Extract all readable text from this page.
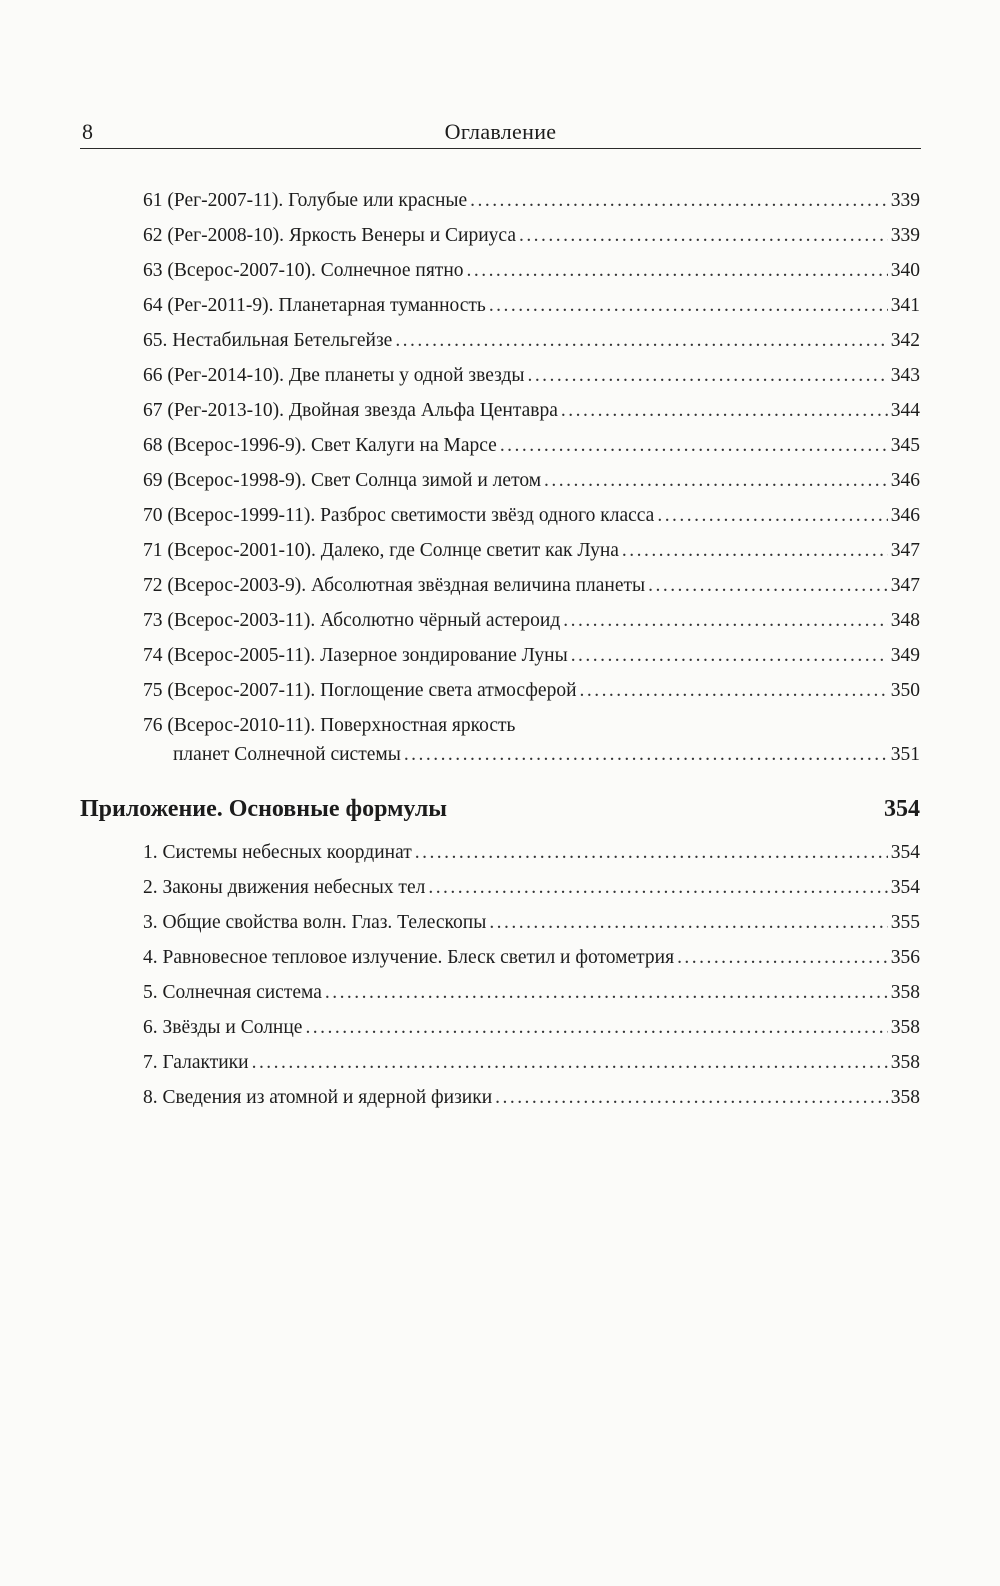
8	Оглавление
61 (Рег-2007-11). Голубые или красные . . .	339
62 (Рег-2008-10). Яркость Венеры и Сириуса . . .	339
63 (Всерос-2007-10). Солнечное пятно . . .	340
64 (Рег-2011-9). Планетарная туманность . . .	341
65. Нестабильная Бетельгейзе . . .	342
66 (Рег-2014-10). Две планеты у одной звезды . . .	343
67 (Рег-2013-10). Двойная звезда Альфа Центавра . . .	344
68 (Всерос-1996-9). Свет Калуги на Марсе . . .	345
69 (Всерос-1998-9). Свет Солнца зимой и летом . . .	346
70 (Всерос-1999-11). Разброс светимости звёзд одного класса . . .	346
71 (Всерос-2001-10). Далеко, где Солнце светит как Луна . . .	347
72 (Всерос-2003-9). Абсолютная звёздная величина планеты . . .	347
73 (Всерос-2003-11). Абсолютно чёрный астероид . . .	348
74 (Всерос-2005-11). Лазерное зондирование Луны . . .	349
75 (Всерос-2007-11). Поглощение света атмосферой . . .	350
76 (Всерос-2010-11). Поверхностная яркость
планет Солнечной системы . . .	351
Приложение. Основные формулы	354
1. Системы небесных координат . . .	354
2. Законы движения небесных тел . . .	354
3. Общие свойства волн. Глаз. Телескопы . . .	355
4. Равновесное тепловое излучение. Блеск светил и фотометрия . . .	356
5. Солнечная система . . .	358
6. Звёзды и Солнце . . .	358
7. Галактики . . .	358
8. Сведения из атомной и ядерной физики . . .	358
